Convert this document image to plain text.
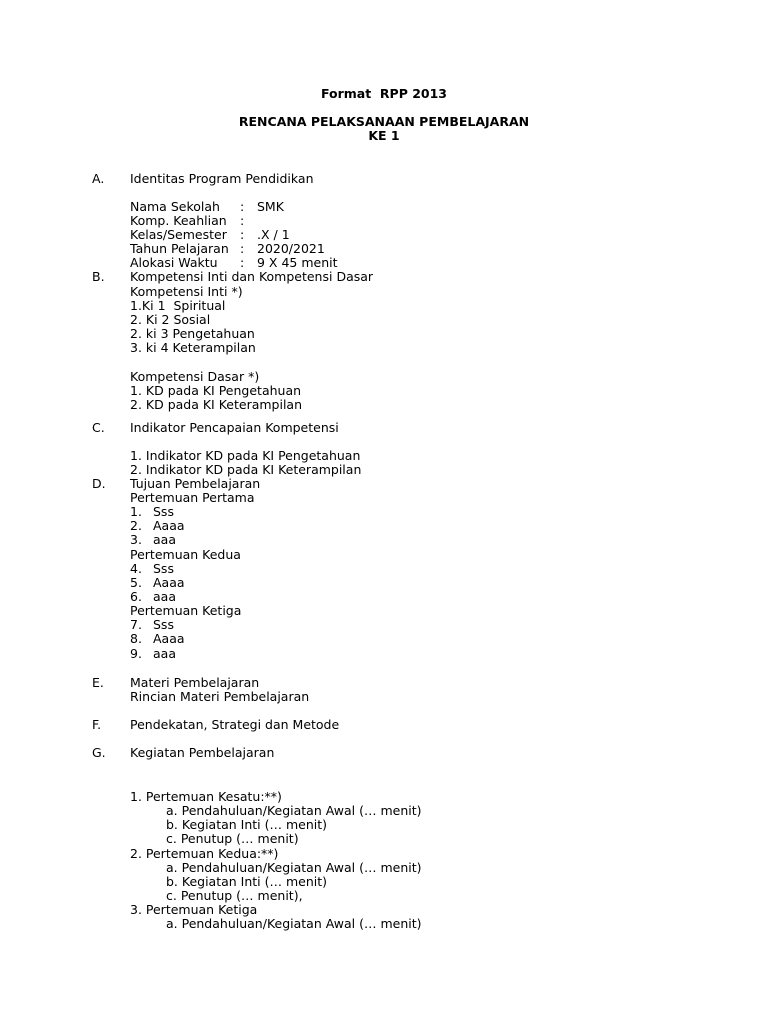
Format  RPP 2013
RENCANA PELAKSANAAN PEMBELAJARAN
KE 1
A. Identitas Program Pendidikan
Nama Sekolah : SMK
Komp. Keahlian :
Kelas/Semester : .X / 1
Tahun Pelajaran : 2020/2021
Alokasi Waktu : 9 X 45 menit
B. Kompetensi Inti dan Kompetensi Dasar
Kompetensi Inti *)
1.Ki 1  Spiritual
2. Ki 2 Sosial
2. ki 3 Pengetahuan
3. ki 4 Keterampilan
Kompetensi Dasar *)
1. KD pada KI Pengetahuan
2. KD pada KI Keterampilan
C. Indikator Pencapaian Kompetensi
1. Indikator KD pada KI Pengetahuan
2. Indikator KD pada KI Keterampilan
D. Tujuan Pembelajaran
Pertemuan Pertama
1. Sss
2. Aaaa
3. aaa
Pertemuan Kedua
4. Sss
5. Aaaa
6. aaa
Pertemuan Ketiga
7. Sss
8. Aaaa
9. aaa
E. Materi Pembelajaran
Rincian Materi Pembelajaran
F. Pendekatan, Strategi dan Metode
G. Kegiatan Pembelajaran
1. Pertemuan Kesatu:**)
a. Pendahuluan/Kegiatan Awal (… menit)
b. Kegiatan Inti (… menit)
c. Penutup (… menit)
2. Pertemuan Kedua:**)
a. Pendahuluan/Kegiatan Awal (… menit)
b. Kegiatan Inti (… menit)
c. Penutup (… menit),
3. Pertemuan Ketiga
a. Pendahuluan/Kegiatan Awal (… menit)
